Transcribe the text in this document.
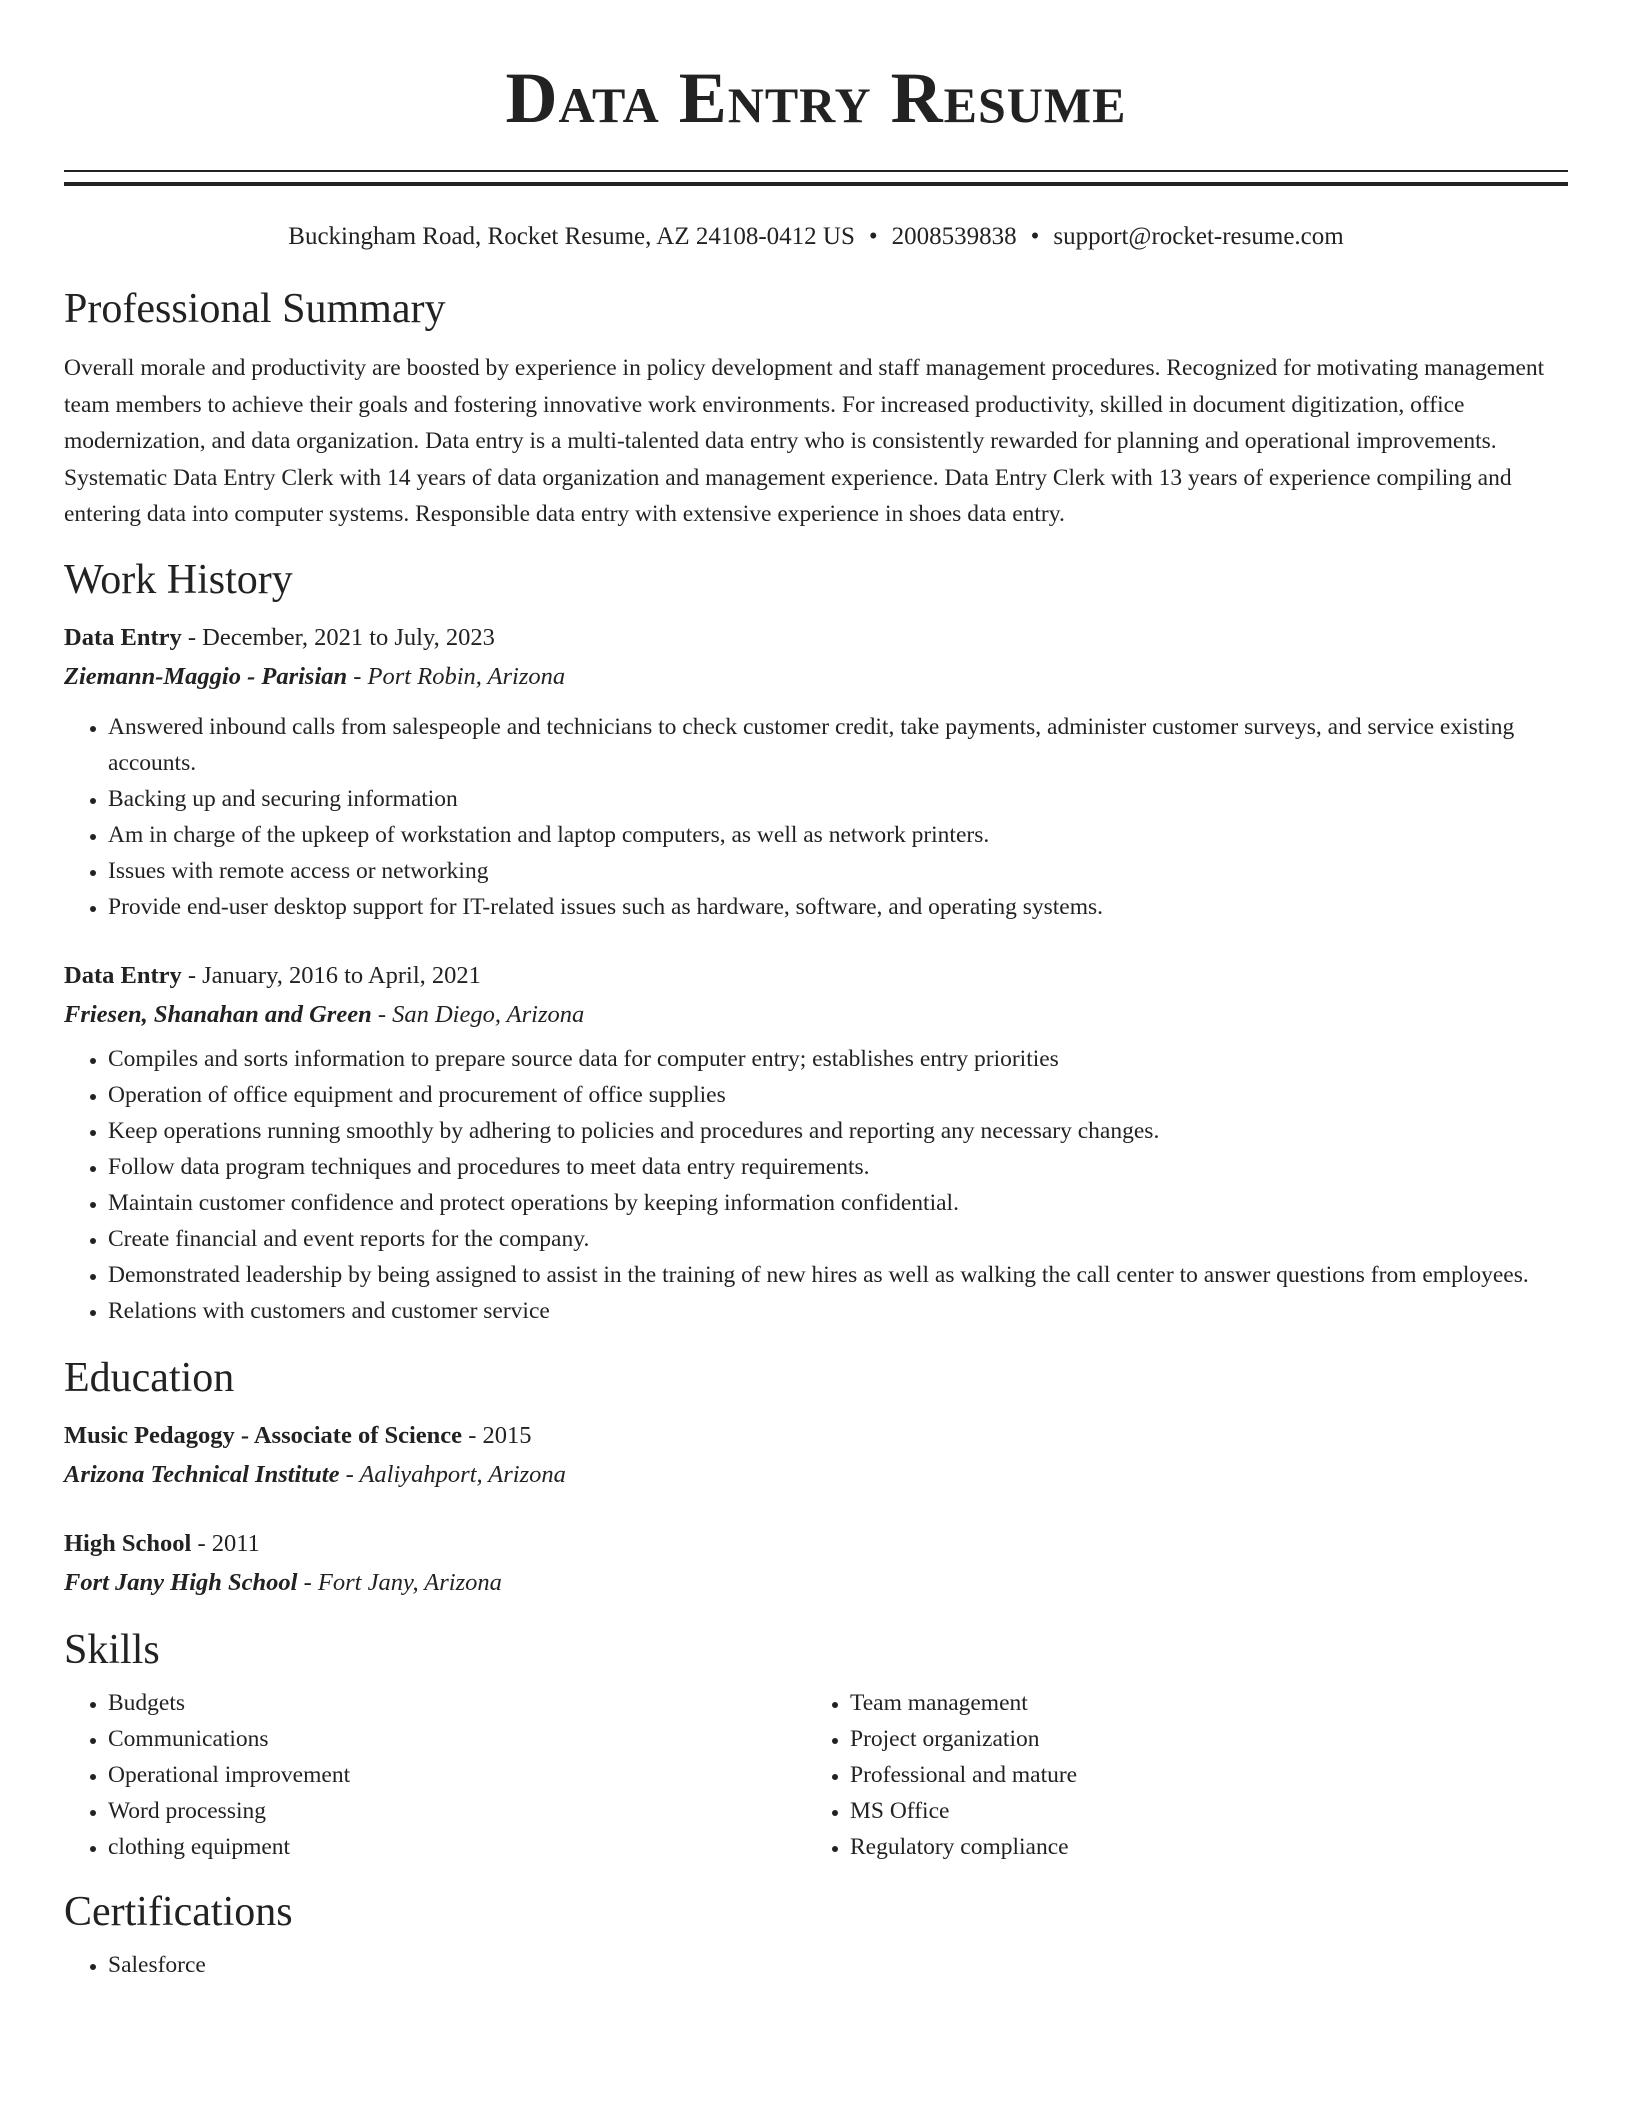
Data Entry Resume
Buckingham Road, Rocket Resume, AZ 24108-0412 US • 2008539838 • support@rocket-resume.com
Professional Summary

Overall morale and productivity are boosted by experience in policy development and staff management procedures. Recognized for motivating management team members to achieve their goals and fostering innovative work environments. For increased productivity, skilled in document digitization, office modernization, and data organization. Data entry is a multi-talented data entry who is consistently rewarded for planning and operational improvements. Systematic Data Entry Clerk with 14 years of data organization and management experience. Data Entry Clerk with 13 years of experience compiling and entering data into computer systems. Responsible data entry with extensive experience in shoes data entry.

Work History
Data Entry - December, 2021 to July, 2023
Ziemann-Maggio - Parisian - Port Robin, Arizona
• Answered inbound calls from salespeople and technicians to check customer credit, take payments, administer customer surveys, and service existing accounts.
• Backing up and securing information
• Am in charge of the upkeep of workstation and laptop computers, as well as network printers.
• Issues with remote access or networking
• Provide end-user desktop support for IT-related issues such as hardware, software, and operating systems.
Data Entry - January, 2016 to April, 2021
Friesen, Shanahan and Green - San Diego, Arizona
• Compiles and sorts information to prepare source data for computer entry; establishes entry priorities
• Operation of office equipment and procurement of office supplies
• Keep operations running smoothly by adhering to policies and procedures and reporting any necessary changes.
• Follow data program techniques and procedures to meet data entry requirements.
• Maintain customer confidence and protect operations by keeping information confidential.
• Create financial and event reports for the company.
• Demonstrated leadership by being assigned to assist in the training of new hires as well as walking the call center to answer questions from employees.
• Relations with customers and customer service
Education
Music Pedagogy - Associate of Science - 2015
Arizona Technical Institute - Aaliyahport, Arizona
High School - 2011
Fort Jany High School - Fort Jany, Arizona
Skills
• Budgets
• Communications
• Operational improvement
• Word processing
• clothing equipment
• Team management
• Project organization
• Professional and mature
• MS Office
• Regulatory compliance
Certifications
• Salesforce
